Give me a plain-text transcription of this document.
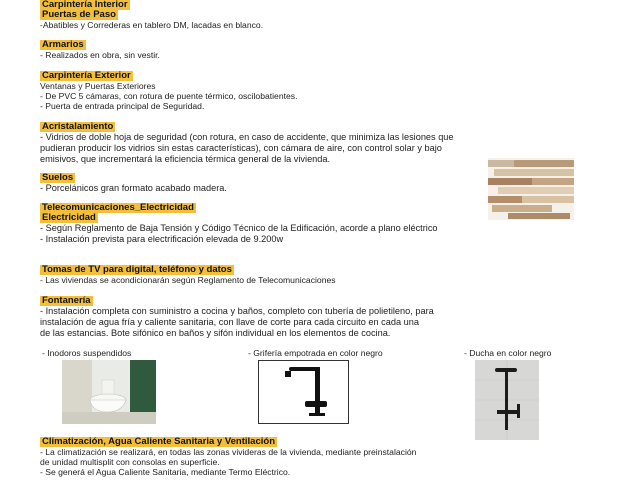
Carpintería Interior
Puertas de Paso
-Abatibles y Correderas en tablero DM, lacadas en blanco.
Armarios
- Realizados en obra, sin vestir.
Carpintería Exterior
Ventanas y Puertas Exteriores
- De PVC 5 cámaras, con rotura de puente térmico, oscilobatientes.
- Puerta de entrada principal de Seguridad.
Acristalamiento
- Vidrios de doble hoja de seguridad (con rotura, en caso de accidente, que minimiza las lesiones que
pudieran producir los vidrios sin estas características), con cámara de aire, con control solar y bajo
emisivos, que incrementará la eficiencia térmica general de la vivienda.
Suelos
- Porcelánicos gran formato acabado madera.
Telecomunicaciones_Electricidad
Electricidad
- Según Reglamento de Baja Tensión y Código Técnico de la Edificación, acorde a plano eléctrico
- Instalación prevista para electrificación elevada de 9.200w
Tomas de TV para digital, teléfono y datos
- Las viviendas se acondicionarán según Reglamento de Telecomunicaciones
Fontanería
- Instalación completa con suministro a cocina y baños, completo con tubería de polietileno, para
instalación de agua fría y caliente sanitaria, con llave de corte para cada circuito en cada una
de las estancias. Bote sifónico en baños y sifón individual en los elementos de cocina.
- Inodoros suspendidos	- Grifería empotrada en color negro	- Ducha en color negro
Climatización, Agua Caliente Sanitaria y Ventilación
- La climatización se realizará, en todas las zonas vivideras de la vivienda, mediante preinstalación
de unidad multisplit con consolas en superficie.
- Se generá el Agua Caliente Sanitaria, mediante Termo Eléctrico.
